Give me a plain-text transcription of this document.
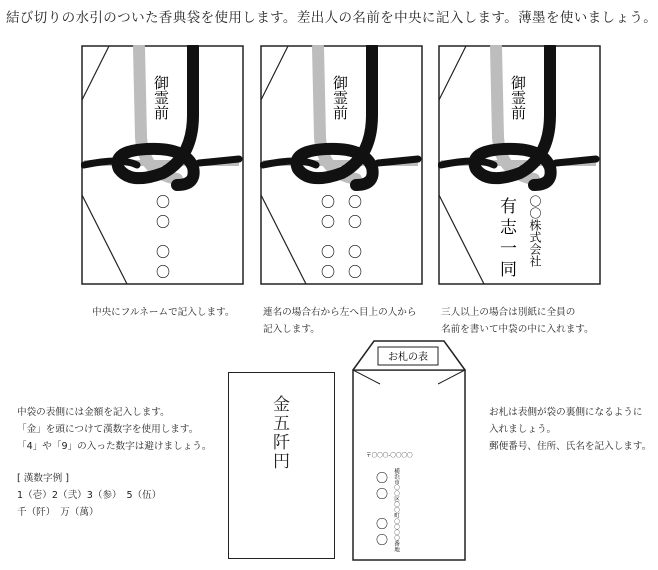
結び切りの水引のついた香典袋を使用します。差出人の名前を中央に記入します。薄墨を使いましょう。
御霊前
〇
〇
〇
〇
御霊前
〇
〇
〇
〇
〇
〇
〇
〇
御霊前
有志一同 〇〇株式会社
中央にフルネームで記入します。	連名の場合右から左へ目上の人から
記入します。
三人以上の場合は別紙に全員の
名前を書いて中袋の中に入れます。
中袋の表側には金額を記入します。
「金」を頭につけて漢数字を使用します。
「4」や「9」の入った数字は避けましょう。
[ 漢数字例 ]
1（壱）2（弐）3（参）　5（伍）
千（阡）　万（萬）
金五阡円
お札の表
〒〇〇〇-〇〇〇〇
横浜市〇〇区〇〇町〇〇〇〇番地
〇
〇
〇
〇
お札は表側が袋の裏側になるように
入れましょう。
郵便番号、住所、氏名を記入します。
